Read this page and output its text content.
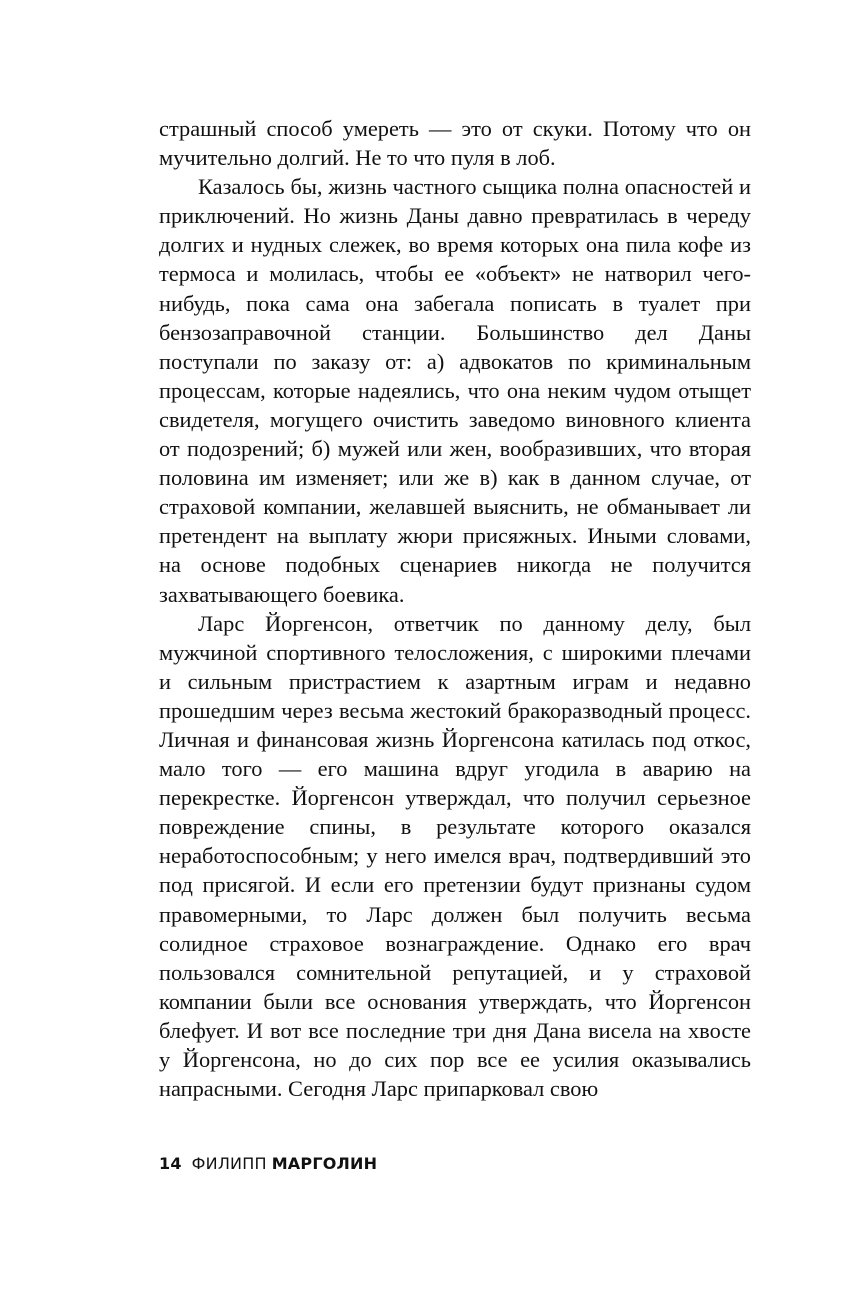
страшный способ умереть — это от скуки. Потому что он мучительно долгий. Не то что пуля в лоб.

Казалось бы, жизнь частного сыщика полна опасностей и приключений. Но жизнь Даны давно превратилась в череду долгих и нудных слежек, во время которых она пила кофе из термоса и молилась, чтобы ее «объект» не натворил чего-нибудь, пока сама она забегала пописать в туалет при бензозаправочной станции. Большинство дел Даны поступали по заказу от: а) адвокатов по криминальным процессам, которые надеялись, что она неким чудом отыщет свидетеля, могущего очистить заведомо виновного клиента от подозрений; б) мужей или жен, вообразивших, что вторая половина им изменяет; или же в) как в данном случае, от страховой компании, желавшей выяснить, не обманывает ли претендент на выплату жюри присяжных. Иными словами, на основе подобных сценариев никогда не получится захватывающего боевика.

Ларс Йоргенсон, ответчик по данному делу, был мужчиной спортивного телосложения, с широкими плечами и сильным пристрастием к азартным играм и недавно прошедшим через весьма жестокий бракоразводный процесс. Личная и финансовая жизнь Йоргенсона катилась под откос, мало того — его машина вдруг угодила в аварию на перекрестке. Йоргенсон утверждал, что получил серьезное повреждение спины, в результате которого оказался неработоспособным; у него имелся врач, подтвердивший это под присягой. И если его претензии будут признаны судом правомерными, то Ларс должен был получить весьма солидное страховое вознаграждение. Однако его врач пользовался сомнительной репутацией, и у страховой компании были все основания утверждать, что Йоргенсон блефует. И вот все последние три дня Дана висела на хвосте у Йоргенсона, но до сих пор все ее усилия оказывались напрасными. Сегодня Ларс припарковал свою

14 ФИЛИПП МАРГОЛИН
